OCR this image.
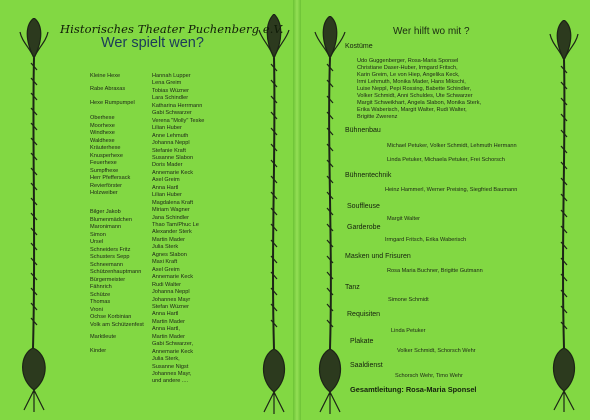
Historisches Theater Puchenberg e.V.
Wer spielt wen?
Kleine Hexe
Rabe Abraxas
Hexe Rumpumpel
Oberhexe
Moorhexe
Windhexe
Waldhexe
Kräuterhexe
Knusperhexe
Feuerhexe
Sumpfhexe
Herr Pfeffersack
Revierförster
Holzweiber
Bilger Jakob
Blumenmädchen
Maronimann
Simon
Ursel
Schneiders Fritz
Schusters Sepp
Schneemann
Schützenhauptmann
Bürgermeister
Fähnrich
Schütze
Thomas
Vroni
Ochse Korbinian
Volk am Schützenfest
Marktleute
Kinder
Hannah Lupper
Lena Greim
Tobias Wüzner
Lara Schindler
Katharina Herrmann
Gabi Schwarzer
Verena "Molly" Teske
Lilian Huber
Anne Lehmuth
Johanna Neppl
Stefanie Kraft
Susanne Slabon
Doris Mader
Annemarie Keck
Axel Greim
Anna Hartl
Lilian Huber
Magdalena Kraft
Miriam Wagner
Jana Schindler
Thao Tam/Phuc Le
Alexander Sterk
Martin Mader
Julia Sterk
Agnes Slabon
Maxi Kraft
Axel Greim
Annemarie Keck
Rudi Walter
Johanna Neppl
Johannes Mayr
Stefan Wüzner
Anna Hartl
Martin Mader
Anna Hartl,
Martin Mader
Gabi Schwarzer,
Annemarie Keck
Julia Sterk,
Susanne Nigst
Johannes Mayr,
und andere ....
Wer hilft wo mit ?
Kostüme
Udo Guggenberger, Rosa-Maria Sponsel
Christiane Daser-Huber, Irmgard Fritsch,
Karin Greim, Le von Hiep, Angelika Keck,
Irmi Lehmuth, Monika Mader, Hans Mikschi,
Luise Neppl, Pepi Rossing, Babette Schindler,
Volker Schmidt, Anni Schuldes, Ute Schwarzer
Margit Schweikhart, Angela Slabon, Monika Sterk,
Erika Waberisch, Margit Walter, Rudi Walter,
Brigitte Zwerenz
Bühnenbau
Michael Petuker, Volker Schmidt, Lehmuth Hermann
Linda Petuker, Michaela Petuker, Frei Schorsch
Bühnentechnik
Heinz Hammerl, Werner Preising, Siegfried Baumann
Souffleuse
Margit Walter
Garderobe
Irmgard Fritsch, Erika Waberisch
Masken und Frisuren
Rosa Maria Buchner, Brigitte Gutmann
Tanz
Simone Schmidt
Requisiten
Linda Petuker
Plakate
Volker Schmidt, Schorsch Wehr
Saaldienst
Schorsch Wehr, Timo Wehr
Gesamtleitung: Rosa-Maria Sponsel
